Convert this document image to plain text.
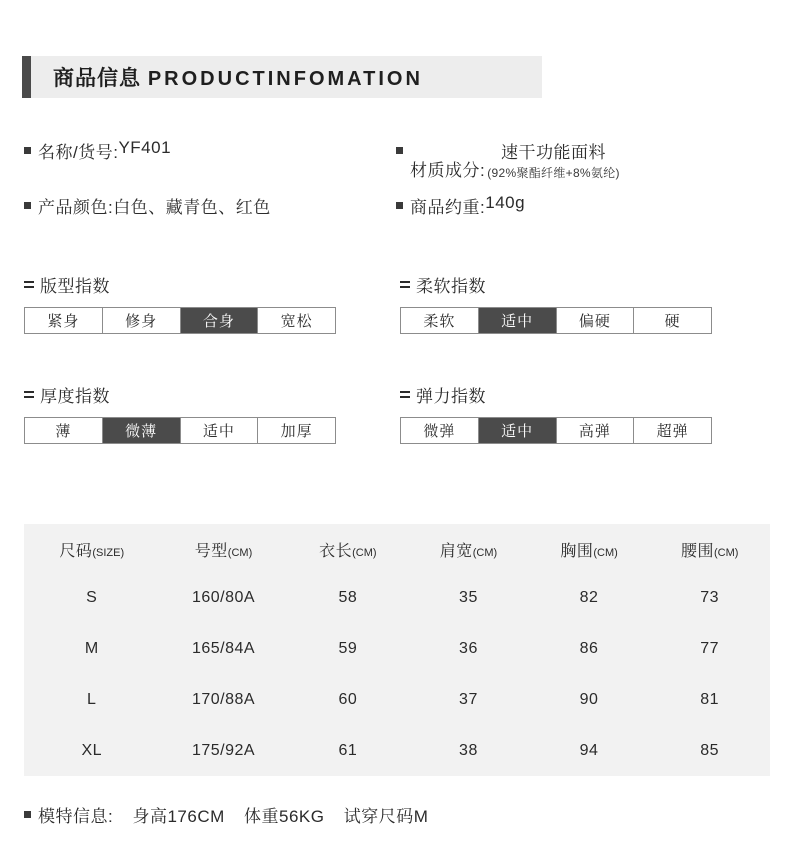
商品信息 PRODUCTINFOMATION
名称/货号: YF401
材质成分:
速干功能面料
(92%聚酯纤维+8%氨纶)
产品颜色: 白色、藏青色、红色	商品约重: 140g
版型指数
紧身	修身	合身	宽松
柔软指数
柔软	适中	偏硬	硬
厚度指数
薄	微薄	适中	加厚
弹力指数
微弹	适中	高弹	超弹
尺码(SIZE)	号型(CM)	衣长(CM)	肩宽(CM)	胸围(CM)	腰围(CM)
S	160/80A	58	35	82	73
M	165/84A	59	36	86	77
L	170/88A	60	37	90	81
XL	175/92A	61	38	94	85
模特信息: 身高176CM 体重56KG 试穿尺码M
